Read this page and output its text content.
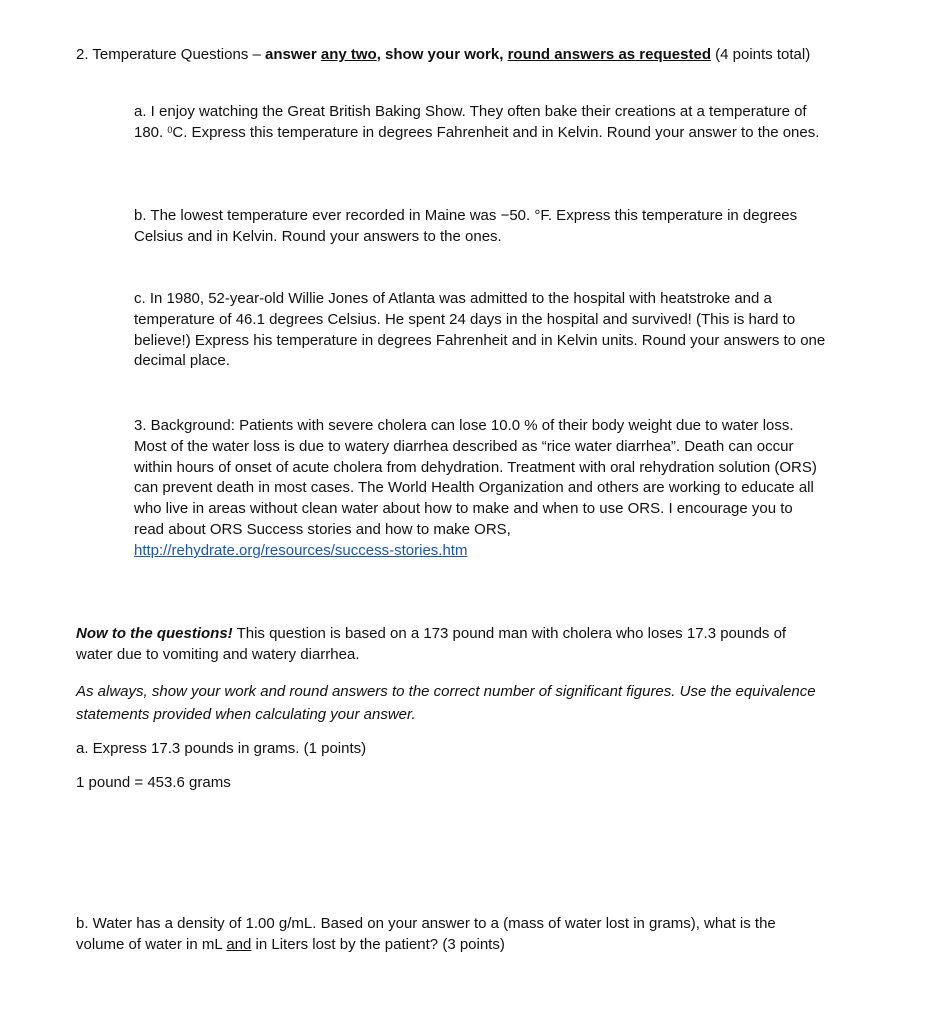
2. Temperature Questions – answer any two, show your work, round answers as requested (4 points total)

a. I enjoy watching the Great British Baking Show. They often bake their creations at a temperature of 180. $^0$C. Express this temperature in degrees Fahrenheit and in Kelvin. Round your answer to the ones.

b. The lowest temperature ever recorded in Maine was −50. °F. Express this temperature in degrees Celsius and in Kelvin. Round your answers to the ones.

c. In 1980, 52-year-old Willie Jones of Atlanta was admitted to the hospital with heatstroke and a temperature of 46.1 degrees Celsius. He spent 24 days in the hospital and survived! (This is hard to believe!) Express his temperature in degrees Fahrenheit and in Kelvin units. Round your answers to one decimal place.

3. Background: Patients with severe cholera can lose 10.0 % of their body weight due to water loss. Most of the water loss is due to watery diarrhea described as “rice water diarrhea”. Death can occur within hours of onset of acute cholera from dehydration. Treatment with oral rehydration solution (ORS) can prevent death in most cases. The World Health Organization and others are working to educate all who live in areas without clean water about how to make and when to use ORS. I encourage you to read about ORS Success stories and how to make ORS,
http://rehydrate.org/resources/success-stories.htm

Now to the questions! This question is based on a 173 pound man with cholera who loses 17.3 pounds of water due to vomiting and watery diarrhea.

As always, show your work and round answers to the correct number of significant figures. Use the equivalence statements provided when calculating your answer.

a. Express 17.3 pounds in grams. (1 points)

1 pound = 453.6 grams

b. Water has a density of 1.00 g/mL. Based on your answer to a (mass of water lost in grams), what is the volume of water in mL and in Liters lost by the patient? (3 points)
